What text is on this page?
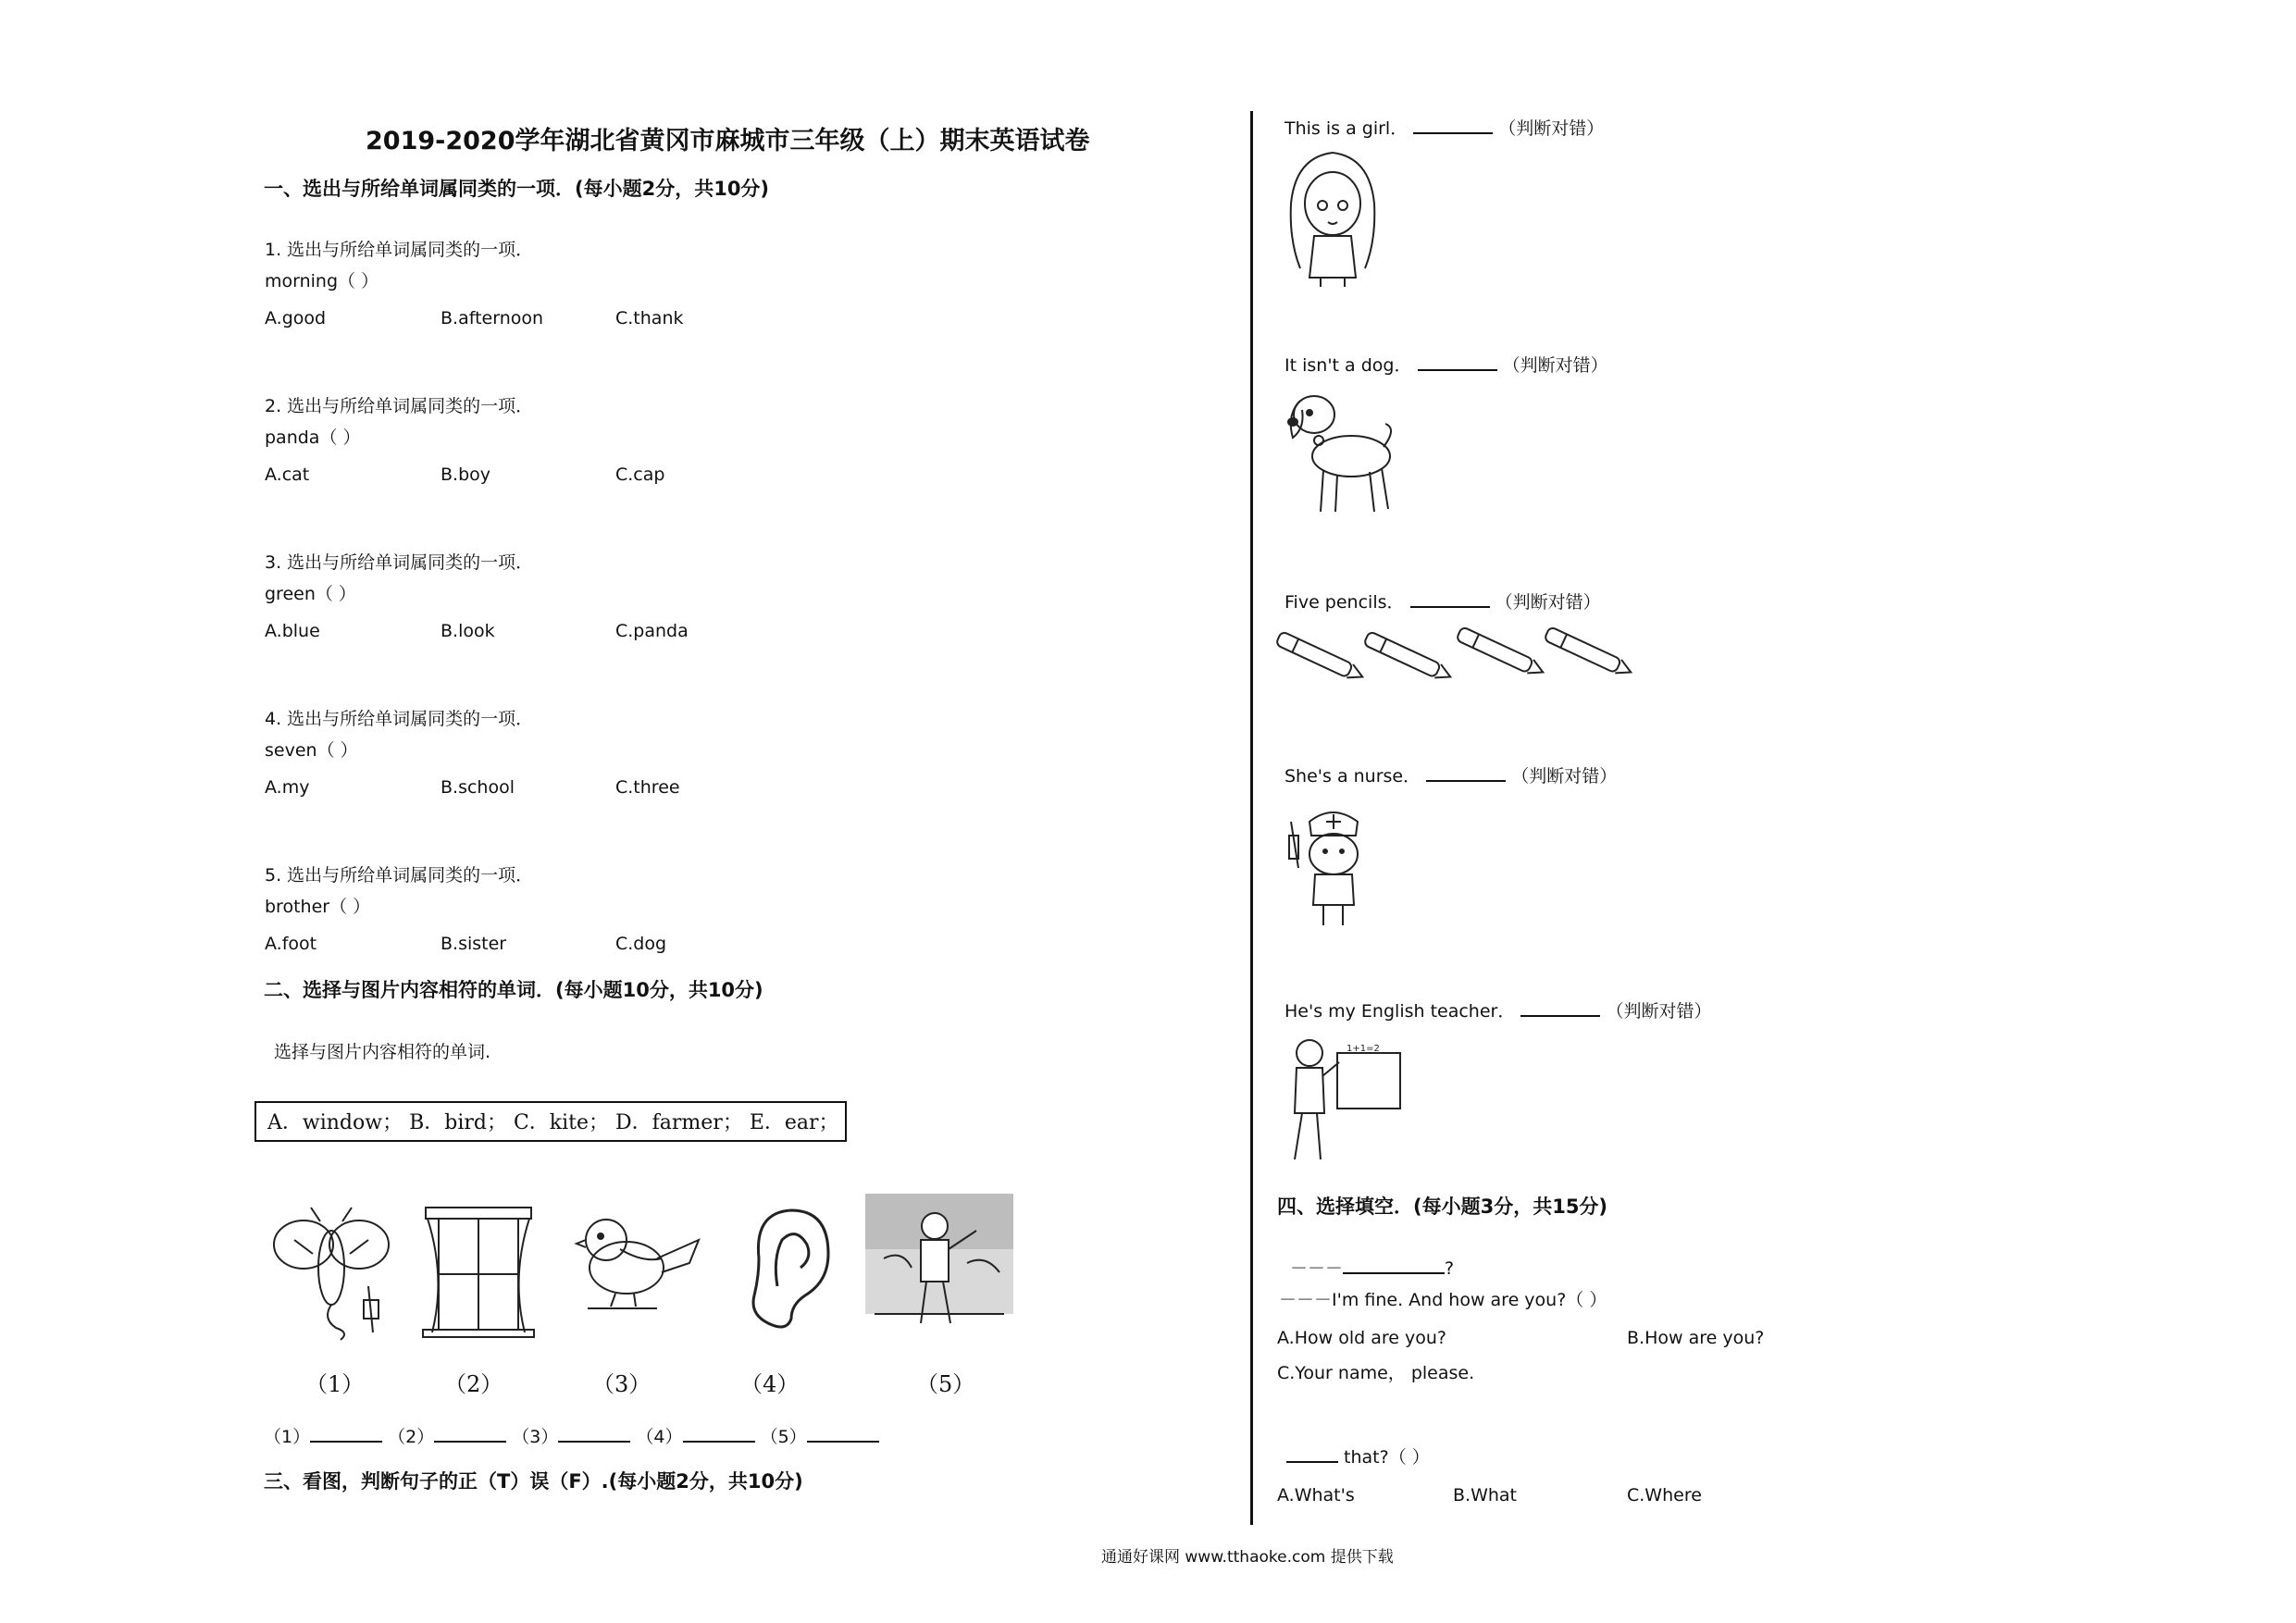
2019-2020学年湖北省黄冈市麻城市三年级（上）期末英语试卷
一、选出与所给单词属同类的一项．(每小题2分，共10分)
1. 选出与所给单词属同类的一项．
morning（ ）
A.good	B.afternoon	C.thank
2. 选出与所给单词属同类的一项．
panda（ ）
A.cat	B.boy	C.cap
3. 选出与所给单词属同类的一项．
green（ ）
A.blue	B.look	C.panda
4. 选出与所给单词属同类的一项．
seven（ ）
A.my	B.school	C.three
5. 选出与所给单词属同类的一项．
brother（ ）
A.foot	B.sister	C.dog
二、选择与图片内容相符的单词．(每小题10分，共10分)
选择与图片内容相符的单词.
A．window； B．bird； C．kite； D．farmer； E．ear；
（1）	（2）	（3）	（4）	（5）
（1）	（2）	（3）	（4）	（5）
三、看图，判断句子的正（T）误（F）.(每小题2分，共10分)
This is a girl．	（判断对错）
It isn't a dog．	（判断对错）
Five pencils．	（判断对错）
She's a nurse．	（判断对错）
He's my English teacher．	（判断对错）
1+1=2
四、选择填空．(每小题3分，共15分)
－－－	?
－－－I'm fine. And how are you?（ ）
A.How old are you?	B.How are you?
C.Your name， please.
that?（ ）
A.What's	B.What	C.Where
通通好课网 www.tthaoke.com 提供下载
